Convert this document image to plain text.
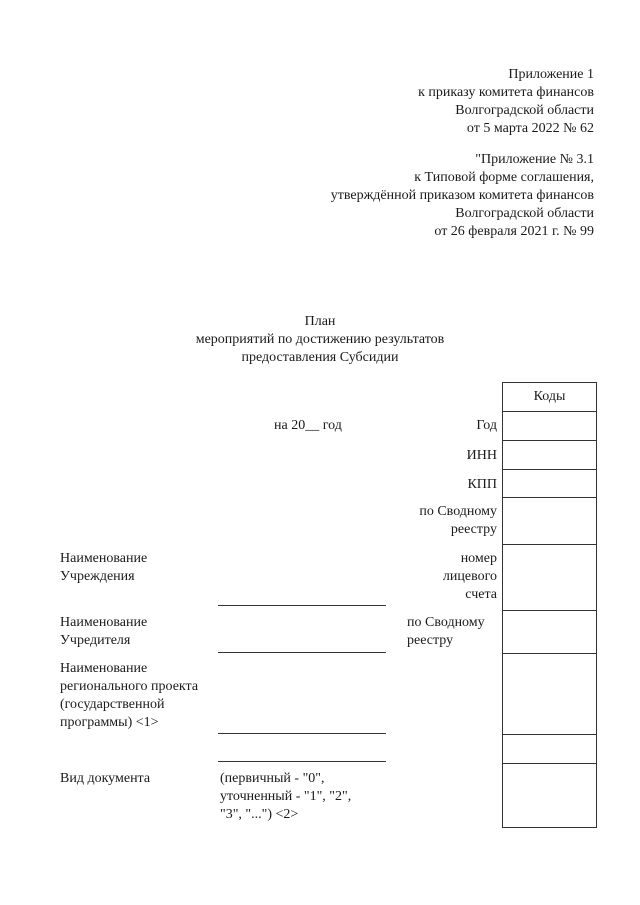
Приложение 1
к приказу комитета финансов
Волгоградской области
от 5 марта 2022 № 62
"Приложение № 3.1
к Типовой форме соглашения,
утверждённой приказом комитета финансов
Волгоградской области
от 26 февраля 2021 г. № 99
План
мероприятий по достижению результатов
предоставления Субсидии
на 20__ год	Год
ИНН
КПП
по Сводному
реестру
номер
лицевого
счета
по Сводному
реестру
Наименование
Учреждения
Наименование
Учредителя
Наименование
регионального проекта
(государственной
программы) <1>
Вид документа	(первичный - "0",
уточненный - "1", "2",
"3", "...") <2>
Коды
